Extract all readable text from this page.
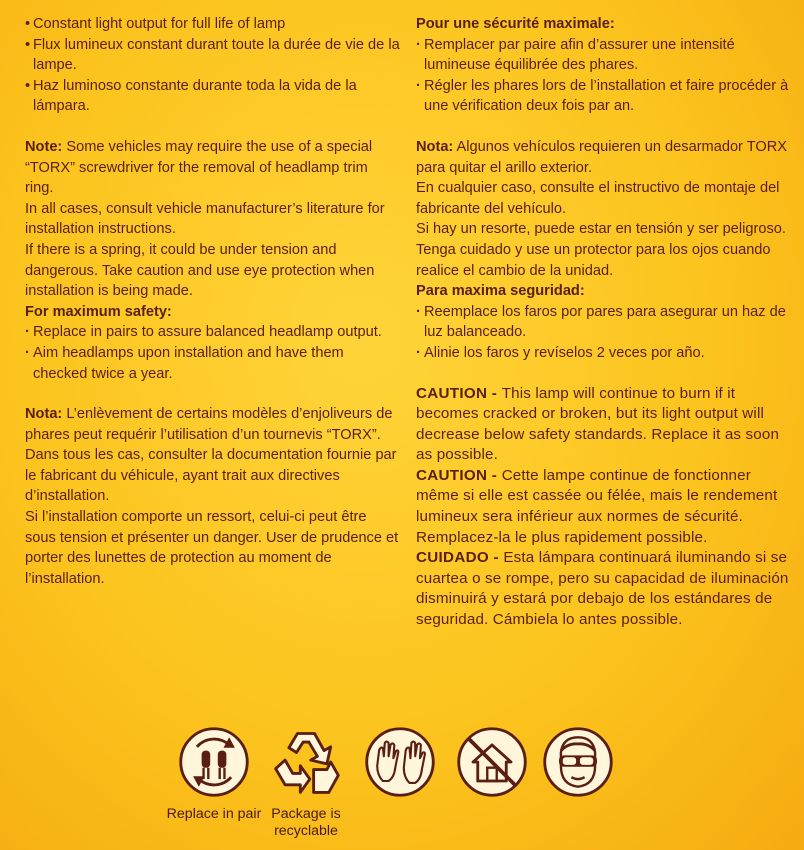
• Constant light output for full life of lamp
• Flux lumineux constant durant toute la durée de vie de la lampe.
• Haz luminoso constante durante toda la vida de la lámpara.
Note: Some vehicles may require the use of a special “TORX” screwdriver for the removal of headlamp trim ring.
In all cases, consult vehicle manufacturer’s literature for installation instructions.
If there is a spring, it could be under tension and dangerous. Take caution and use eye protection when installation is being made.
For maximum safety:
· Replace in pairs to assure balanced headlamp output.
· Aim headlamps upon installation and have them checked twice a year.
Nota: L’enlèvement de certains modèles d’enjoliveurs de phares peut requérir l’utilisation d’un tournevis “TORX”.
Dans tous les cas, consulter la documentation fournie par le fabricant du véhicule, ayant trait aux directives d’installation.
Si l’installation comporte un ressort, celui-ci peut être sous tension et présenter un danger. User de prudence et porter des lunettes de protection au moment de l’installation.
Pour une sécurité maximale:
· Remplacer par paire afin d’assurer une intensité lumineuse équilibrée des phares.
· Régler les phares lors de l’installation et faire procéder à une vérification deux fois par an.
Nota: Algunos vehículos requieren un desarmador TORX para quitar el arillo exterior.
En cualquier caso, consulte el instructivo de montaje del fabricante del vehículo.
Si hay un resorte, puede estar en tensión y ser peligroso. Tenga cuidado y use un protector para los ojos cuando realice el cambio de la unidad.
Para maxima seguridad:
· Reemplace los faros por pares para asegurar un haz de luz balanceado.
· Alinie los faros y revíselos 2 veces por año.
CAUTION - This lamp will continue to burn if it becomes cracked or broken, but its light output will decrease below safety standards. Replace it as soon as possible.
CAUTION - Cette lampe continue de fonctionner même si elle est cassée ou félée, mais le rendement lumineux sera inférieur aux normes de sécurité. Remplacez-la le plus rapidement possible.
CUIDADO - Esta lámpara continuará iluminando si se cuartea o se rompe, pero su capacidad de iluminación disminuirá y estará por debajo de los estándares de seguridad. Cámbiela lo antes possible.
Replace in pair Package is recyclable
